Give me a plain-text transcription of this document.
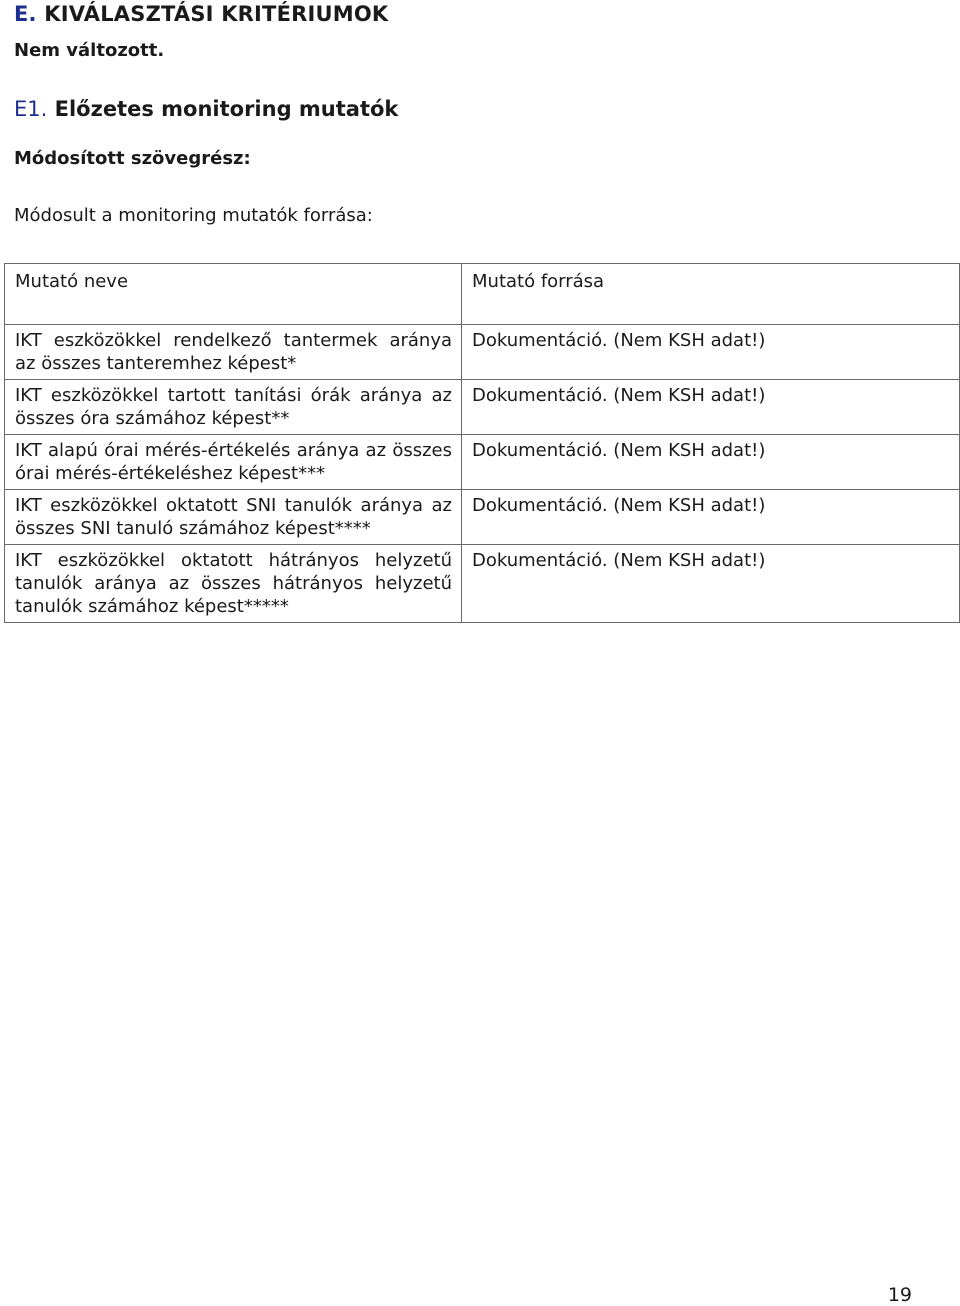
E. KIVÁLASZTÁSI KRITÉRIUMOK

Nem változott.

E1. Előzetes monitoring mutatók

Módosított szövegrész:

Módosult a monitoring mutatók forrása:

Mutató neve	Mutató forrása
IKT eszközökkel rendelkező tantermek aránya az összes tanteremhez képest*	Dokumentáció. (Nem KSH adat!)
IKT eszközökkel tartott tanítási órák aránya az összes óra számához képest**	Dokumentáció. (Nem KSH adat!)
IKT alapú órai mérés-értékelés aránya az összes órai mérés-értékeléshez képest***	Dokumentáció. (Nem KSH adat!)
IKT eszközökkel oktatott SNI tanulók aránya az összes SNI tanuló számához képest****	Dokumentáció. (Nem KSH adat!)
IKT eszközökkel oktatott hátrányos helyzetű tanulók aránya az összes hátrányos helyzetű tanulók számához képest*****	Dokumentáció. (Nem KSH adat!)

19
